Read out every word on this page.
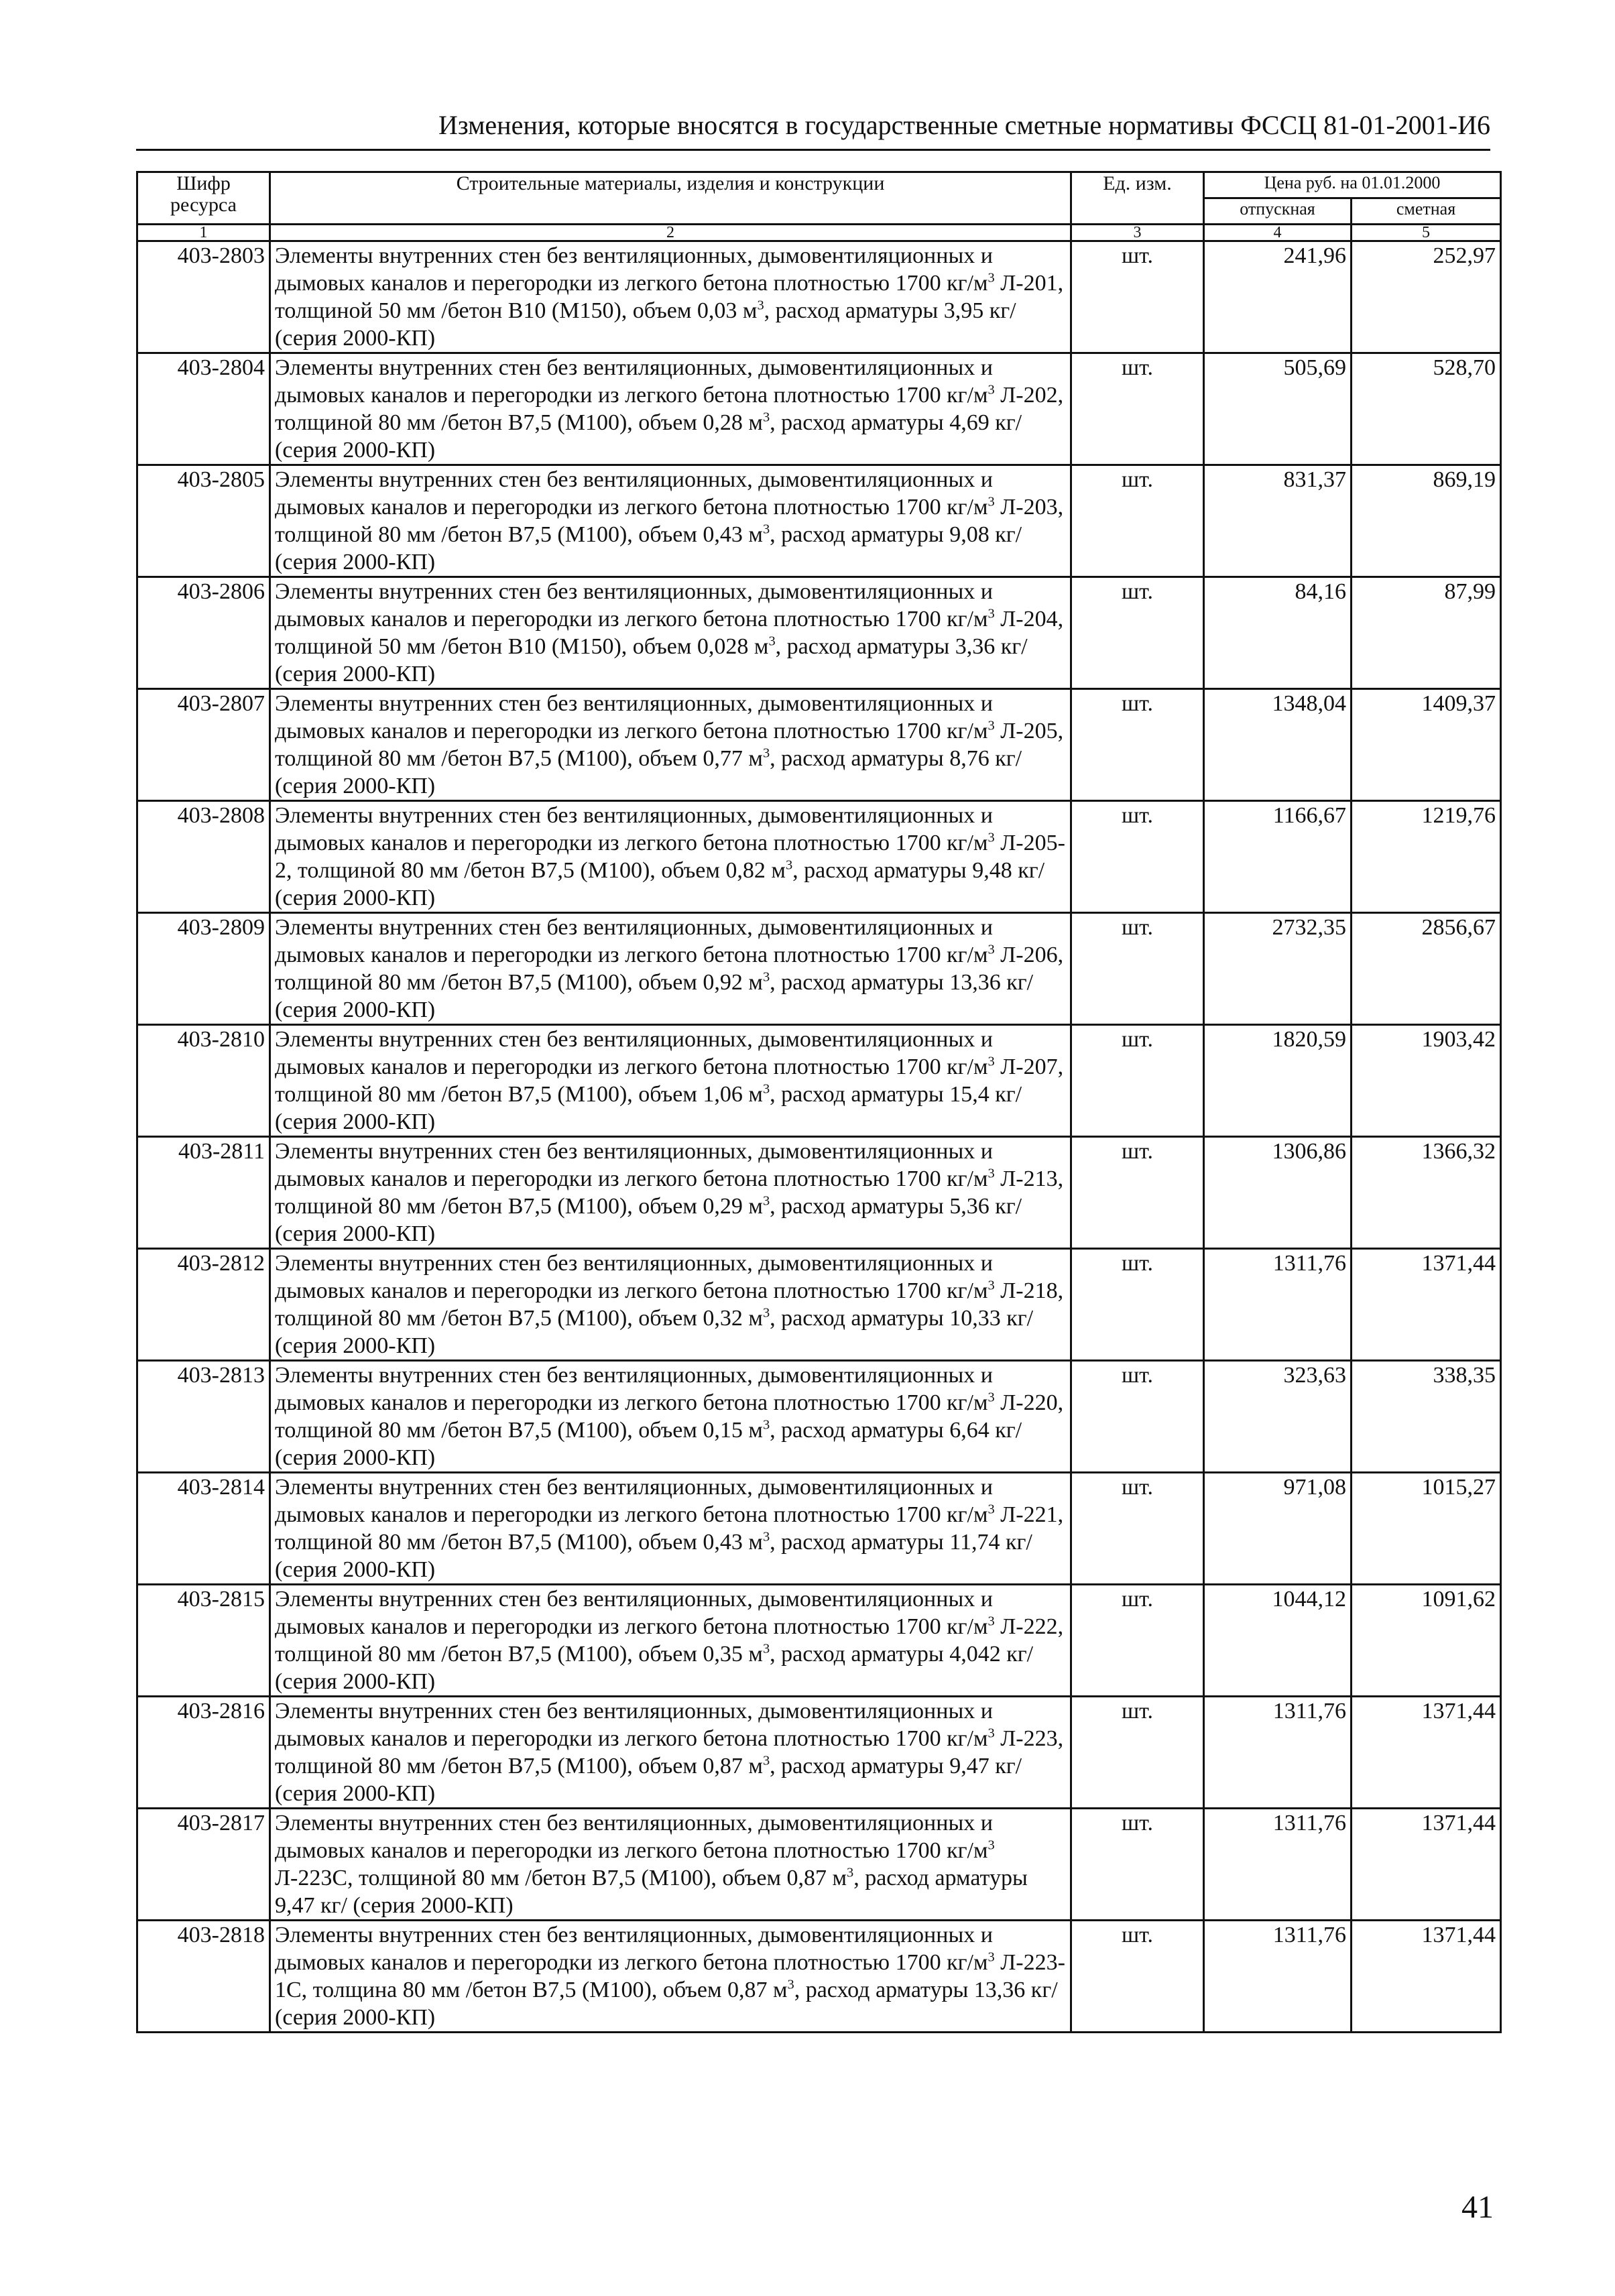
Изменения, которые вносятся в государственные сметные нормативы ФССЦ 81-01-2001-И6
Шифр ресурса	Строительные материалы, изделия и конструкции	Ед. изм.	Цена руб. на 01.01.2000	
			отпускная	сметная
1	2	3	4	5
403-2803	Элементы внутренних стен без вентиляционных, дымовентиляционных и дымовых каналов и перегородки из легкого бетона плотностью 1700 $кг/м^3$ Л-201, толщиной 50 мм /бетон В10 (М150), объем 0,03 $м^3$, расход арматуры 3,95 кг/ (серия 2000-КП)	шт.	241,96	252,97
403-2804	Элементы внутренних стен без вентиляционных, дымовентиляционных и дымовых каналов и перегородки из легкого бетона плотностью 1700 $кг/м^3$ Л-202, толщиной 80 мм /бетон В7,5 (М100), объем 0,28 $м^3$, расход арматуры 4,69 кг/ (серия 2000-КП)	шт.	505,69	528,70
403-2805	Элементы внутренних стен без вентиляционных, дымовентиляционных и дымовых каналов и перегородки из легкого бетона плотностью 1700 $кг/м^3$ Л-203, толщиной 80 мм /бетон В7,5 (М100), объем 0,43 $м^3$, расход арматуры 9,08 кг/ (серия 2000-КП)	шт.	831,37	869,19
403-2806	Элементы внутренних стен без вентиляционных, дымовентиляционных и дымовых каналов и перегородки из легкого бетона плотностью 1700 $кг/м^3$ Л-204, толщиной 50 мм /бетон В10 (М150), объем 0,028 $м^3$, расход арматуры 3,36 кг/ (серия 2000-КП)	шт.	84,16	87,99
403-2807	Элементы внутренних стен без вентиляционных, дымовентиляционных и дымовых каналов и перегородки из легкого бетона плотностью 1700 $кг/м^3$ Л-205, толщиной 80 мм /бетон В7,5 (М100), объем 0,77 $м^3$, расход арматуры 8,76 кг/ (серия 2000-КП)	шт.	1348,04	1409,37
403-2808	Элементы внутренних стен без вентиляционных, дымовентиляционных и дымовых каналов и перегородки из легкого бетона плотностью 1700 $кг/м^3$ Л-205-2, толщиной 80 мм /бетон В7,5 (М100), объем 0,82 $м^3$, расход арматуры 9,48 кг/ (серия 2000-КП)	шт.	1166,67	1219,76
403-2809	Элементы внутренних стен без вентиляционных, дымовентиляционных и дымовых каналов и перегородки из легкого бетона плотностью 1700 $кг/м^3$ Л-206, толщиной 80 мм /бетон В7,5 (М100), объем 0,92 $м^3$, расход арматуры 13,36 кг/ (серия 2000-КП)	шт.	2732,35	2856,67
403-2810	Элементы внутренних стен без вентиляционных, дымовентиляционных и дымовых каналов и перегородки из легкого бетона плотностью 1700 $кг/м^3$ Л-207, толщиной 80 мм /бетон В7,5 (М100), объем 1,06 $м^3$, расход арматуры 15,4 кг/ (серия 2000-КП)	шт.	1820,59	1903,42
403-2811	Элементы внутренних стен без вентиляционных, дымовентиляционных и дымовых каналов и перегородки из легкого бетона плотностью 1700 $кг/м^3$ Л-213, толщиной 80 мм /бетон В7,5 (М100), объем 0,29 $м^3$, расход арматуры 5,36 кг/ (серия 2000-КП)	шт.	1306,86	1366,32
403-2812	Элементы внутренних стен без вентиляционных, дымовентиляционных и дымовых каналов и перегородки из легкого бетона плотностью 1700 $кг/м^3$ Л-218, толщиной 80 мм /бетон В7,5 (М100), объем 0,32 $м^3$, расход арматуры 10,33 кг/ (серия 2000-КП)	шт.	1311,76	1371,44
403-2813	Элементы внутренних стен без вентиляционных, дымовентиляционных и дымовых каналов и перегородки из легкого бетона плотностью 1700 $кг/м^3$ Л-220, толщиной 80 мм /бетон В7,5 (М100), объем 0,15 $м^3$, расход арматуры 6,64 кг/ (серия 2000-КП)	шт.	323,63	338,35
403-2814	Элементы внутренних стен без вентиляционных, дымовентиляционных и дымовых каналов и перегородки из легкого бетона плотностью 1700 $кг/м^3$ Л-221, толщиной 80 мм /бетон В7,5 (М100), объем 0,43 $м^3$, расход арматуры 11,74 кг/ (серия 2000-КП)	шт.	971,08	1015,27
403-2815	Элементы внутренних стен без вентиляционных, дымовентиляционных и дымовых каналов и перегородки из легкого бетона плотностью 1700 $кг/м^3$ Л-222, толщиной 80 мм /бетон В7,5 (М100), объем 0,35 $м^3$, расход арматуры 4,042 кг/ (серия 2000-КП)	шт.	1044,12	1091,62
403-2816	Элементы внутренних стен без вентиляционных, дымовентиляционных и дымовых каналов и перегородки из легкого бетона плотностью 1700 $кг/м^3$ Л-223, толщиной 80 мм /бетон В7,5 (М100), объем 0,87 $м^3$, расход арматуры 9,47 кг/ (серия 2000-КП)	шт.	1311,76	1371,44
403-2817	Элементы внутренних стен без вентиляционных, дымовентиляционных и дымовых каналов и перегородки из легкого бетона плотностью 1700 $кг/м^3$ Л-223С, толщиной 80 мм /бетон В7,5 (М100), объем 0,87 $м^3$, расход арматуры 9,47 кг/ (серия 2000-КП)	шт.	1311,76	1371,44
403-2818	Элементы внутренних стен без вентиляционных, дымовентиляционных и дымовых каналов и перегородки из легкого бетона плотностью 1700 $кг/м^3$ Л-223-1С, толщина 80 мм /бетон В7,5 (М100), объем 0,87 $м^3$, расход арматуры 13,36 кг/ (серия 2000-КП)	шт.	1311,76	1371,44
41
